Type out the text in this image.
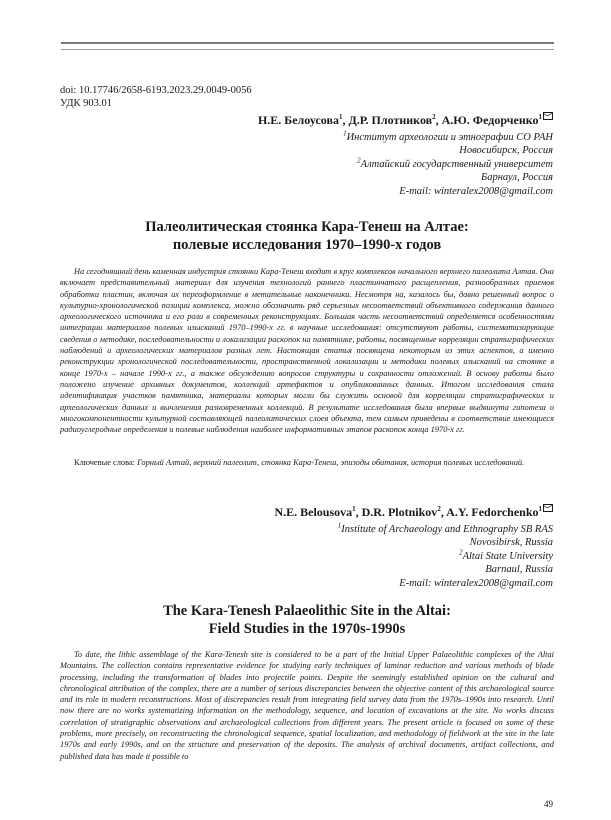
doi: 10.17746/2658-6193.2023.29.0049-0056
УДК 903.01
Н.Е. Белоусова$^1$, Д.Р. Плотников$^2$, А.Ю. Федорченко$^1$
$^1$Институт археологии и этнографии СО РАН
Новосибирск, Россия
$^2$Алтайский государственный университет
Барнаул, Россия
E-mail: winteralex2008@gmail.com
Палеолитическая стоянка Кара-Тенеш на Алтае:
полевые исследования 1970–1990-х годов

На сегодняшний день каменная индустрия стоянки Кара-Тенеш входит в круг комплексов начального верхнего палеолита Алтая. Она включает представительный материал для изучения технологий раннего пластинчатого расщепления, разнообразных приемов обработки пластин, включая их переоформление в метательные наконечники. Несмотря на, казалось бы, давно решенный вопрос о культурно-хронологической позиции комплекса, можно обозначить ряд серьезных несоответствий объективного содержания данного археологического источника и его роли в современных реконструкциях. Большая часть несоответствий определяется особенностями интеграции материалов полевых изысканий 1970–1990-х гг. в научные исследования: отсутствуют работы, систематизирующие сведения о методике, последовательности и локализации раскопок на памятнике, работы, посвященные корреляции стратиграфических наблюдений и археологических материалов разных лет. Настоящая статья посвящена некоторым из этих аспектов, а именно реконструкции хронологической последовательности, пространственной локализации и методики полевых изысканий на стоянке в конце 1970-х – начале 1990-х гг., а также обсуждению вопросов структуры и сохранности отложений. В основу работы было положено изучение архивных документов, коллекций артефактов и опубликованных данных. Итогом исследования стала идентификация участков памятника, материалы которых могли бы служить основой для корреляции стратиграфических и археологических данных и вычленения разновременных коллекций. В результате исследования была впервые выдвинута гипотеза о многокомпонентности культурной составляющей палеолитических слоев объекта, тем самым приведены в соответствие имеющиеся радиоуглеродные определения и полевые наблюдения наиболее информативных этапов раскопок конца 1970-х гг.

Ключевые слова: Горный Алтай, верхний палеолит, стоянка Кара-Тенеш, эпизоды обитания, история полевых исследований.

N.E. Belousova$^1$, D.R. Plotnikov$^2$, A.Y. Fedorchenko$^1$
$^1$Institute of Archaeology and Ethnography SB RAS
Novosibirsk, Russia
$^2$Altai State University
Barnaul, Russia
E-mail: winteralex2008@gmail.com
The Kara-Tenesh Palaeolithic Site in the Altai:
Field Studies in the 1970s-1990s

To date, the lithic assemblage of the Kara-Tenesh site is considered to be a part of the Initial Upper Palaeolithic complexes of the Altai Mountains. The collection contains representative evidence for studying early techniques of laminar reduction and various methods of blade processing, including the transformation of blades into projectile points. Despite the seemingly established opinion on the cultural and chronological attribution of the complex, there are a number of serious discrepancies between the objective content of this archaeological source and its role in modern reconstructions. Most of discrepancies result from integrating field survey data from the 1970s–1990s into research. Until now there are no works systematizing information on the methodology, sequence, and location of excavations at the site. No works discuss correlation of stratigraphic observations and archaeological collections from different years. The present article is focused on some of these problems, more precisely, on reconstructing the chronological sequence, spatial localization, and methodology of fieldwork at the site in the late 1970s and early 1990s, and on the structure and preservation of the deposits. The analysis of archival documents, artifact collections, and published data has made it possible to

49
